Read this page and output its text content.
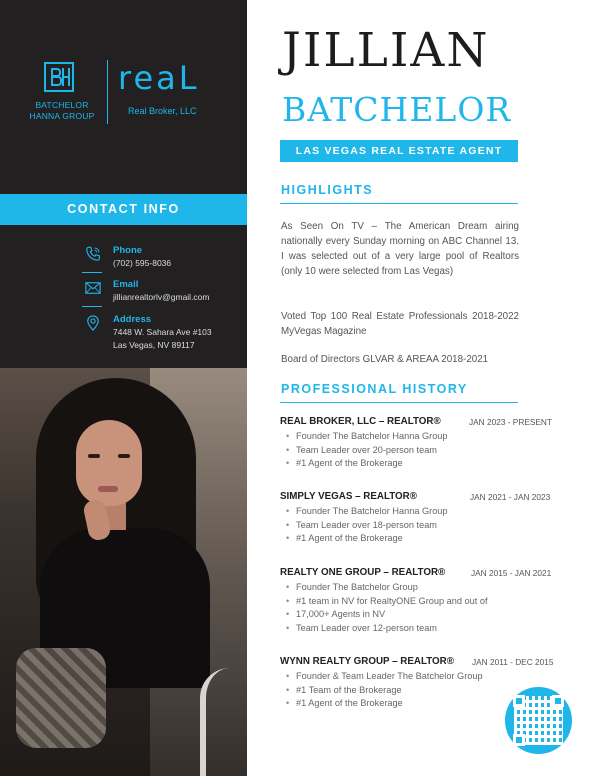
BATCHELOR
HANNA GROUP
reaL
Real Broker, LLC
CONTACT INFO
Phone
(702) 595-8036
Email
jillianrealtorlv@gmail.com
Address
7448 W. Sahara Ave #103
Las Vegas, NV 89117
JILLIAN
BATCHELOR
LAS VEGAS REAL ESTATE AGENT
HIGHLIGHTS
As Seen On TV – The American Dream airing nationally every Sunday morning on ABC Channel 13. I was selected out of a very large pool of Realtors (only 10 were selected from Las Vegas)
Voted Top 100 Real Estate Professionals 2018-2022 MyVegas Magazine
Board of Directors GLVAR & AREAA 2018-2021
PROFESSIONAL HISTORY
REAL BROKER, LLC – REALTOR®	JAN 2023 - PRESENT
• Founder The Batchelor Hanna Group
• Team Leader over 20-person team
• #1 Agent of the Brokerage
SIMPLY VEGAS – REALTOR®	JAN 2021 - JAN 2023
• Founder The Batchelor Hanna Group
• Team Leader over 18-person team
• #1 Agent of the Brokerage
REALTY ONE GROUP – REALTOR®	JAN 2015 - JAN 2021
• Founder The Batchelor Group
• #1 team in NV for RealtyONE Group and out of
• 17,000+ Agents in NV
• Team Leader over 12-person team
WYNN REALTY GROUP – REALTOR® JAN 2011 - DEC 2015
• Founder & Team Leader The Batchelor Group
• #1 Team of the Brokerage
• #1 Agent of the Brokerage
